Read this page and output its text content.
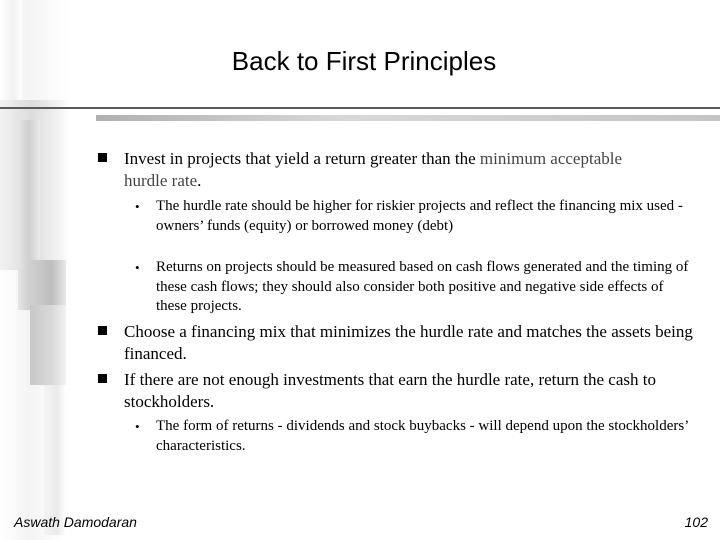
Back to First Principles
Invest in projects that yield a return greater than the minimum acceptable hurdle rate.
• The hurdle rate should be higher for riskier projects and reflect the financing mix used - owners’ funds (equity) or borrowed money (debt)
• Returns on projects should be measured based on cash flows generated and the timing of these cash flows; they should also consider both positive and negative side effects of these projects.
Choose a financing mix that minimizes the hurdle rate and matches the assets being financed.
If there are not enough investments that earn the hurdle rate, return the cash to stockholders.
• The form of returns - dividends and stock buybacks - will depend upon the stockholders’ characteristics.
Aswath Damodaran	102
